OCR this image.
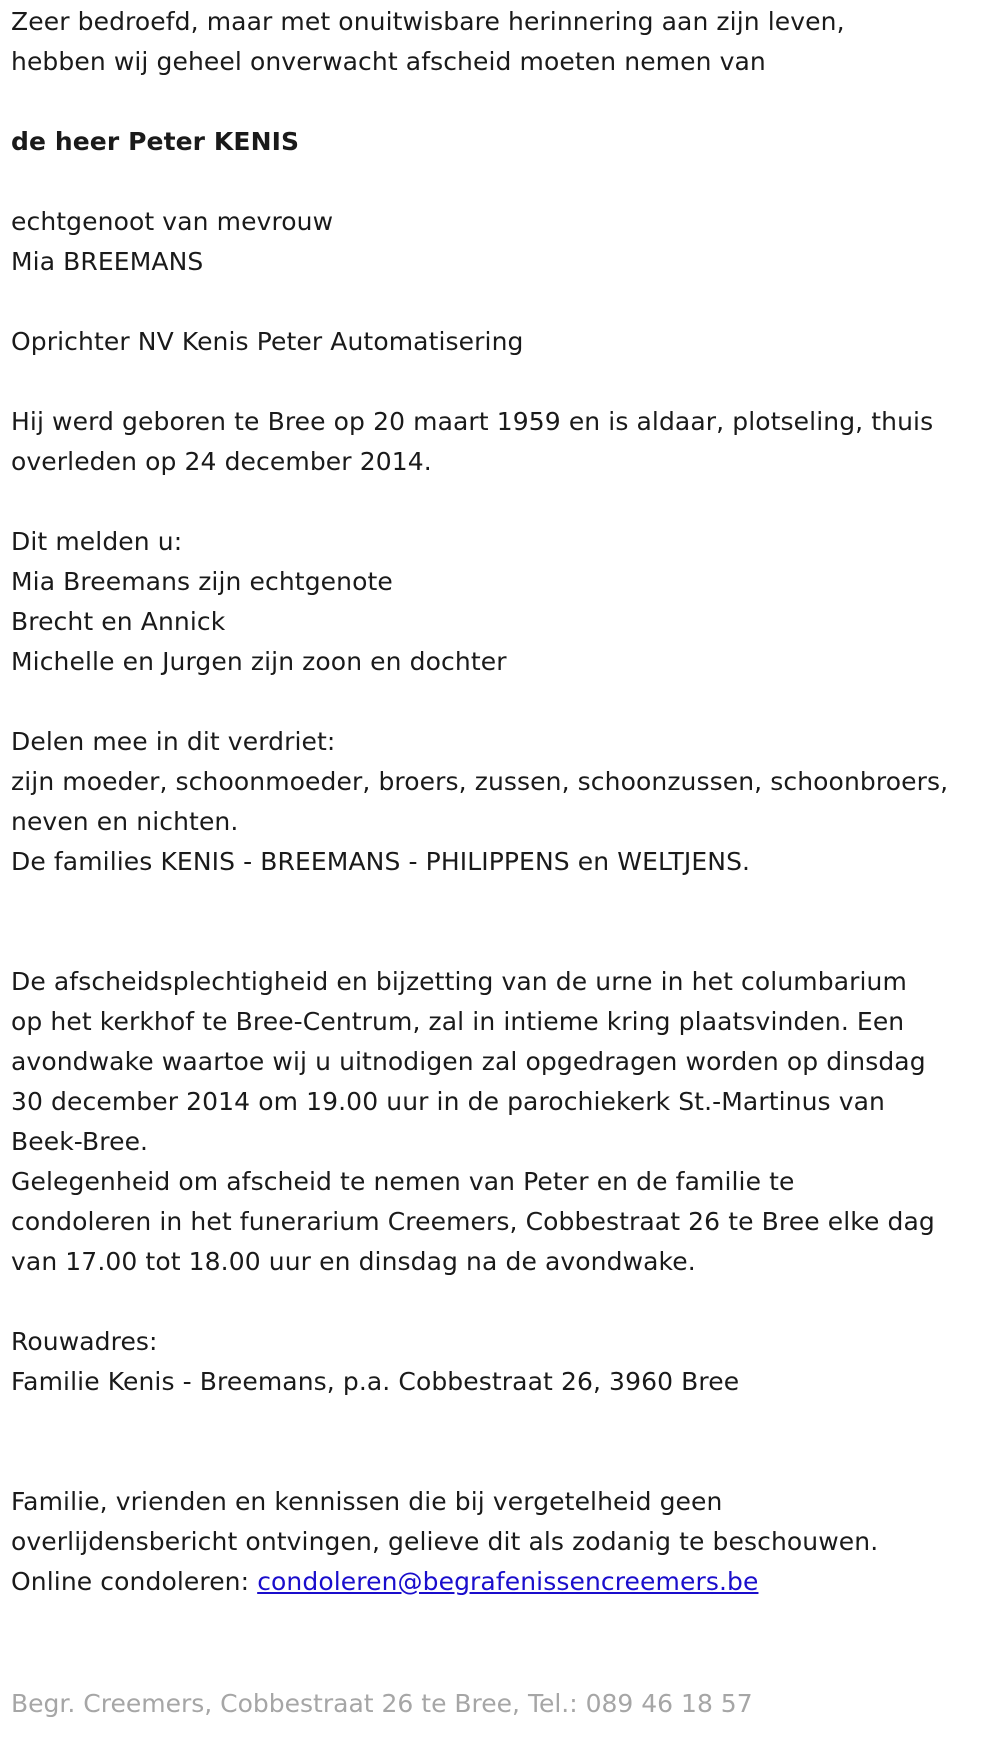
Zeer bedroefd, maar met onuitwisbare herinnering aan zijn leven,
hebben wij geheel onverwacht afscheid moeten nemen van
de heer Peter KENIS
echtgenoot van mevrouw
Mia BREEMANS
Oprichter NV Kenis Peter Automatisering
Hij werd geboren te Bree op 20 maart 1959 en is aldaar, plotseling, thuis
overleden op 24 december 2014.
Dit melden u:
Mia Breemans zijn echtgenote
Brecht en Annick
Michelle en Jurgen zijn zoon en dochter
Delen mee in dit verdriet:
zijn moeder, schoonmoeder, broers, zussen, schoonzussen, schoonbroers,
neven en nichten.
De families KENIS - BREEMANS - PHILIPPENS en WELTJENS.
De afscheidsplechtigheid en bijzetting van de urne in het columbarium
op het kerkhof te Bree-Centrum, zal in intieme kring plaatsvinden. Een
avondwake waartoe wij u uitnodigen zal opgedragen worden op dinsdag
30 december 2014 om 19.00 uur in de parochiekerk St.-Martinus van
Beek-Bree.
Gelegenheid om afscheid te nemen van Peter en de familie te
condoleren in het funerarium Creemers, Cobbestraat 26 te Bree elke dag
van 17.00 tot 18.00 uur en dinsdag na de avondwake.
Rouwadres:
Familie Kenis - Breemans, p.a. Cobbestraat 26, 3960 Bree
Familie, vrienden en kennissen die bij vergetelheid geen
overlijdensbericht ontvingen, gelieve dit als zodanig te beschouwen.
Online condoleren: condoleren@begrafenissencreemers.be
Begr. Creemers, Cobbestraat 26 te Bree, Tel.: 089 46 18 57
